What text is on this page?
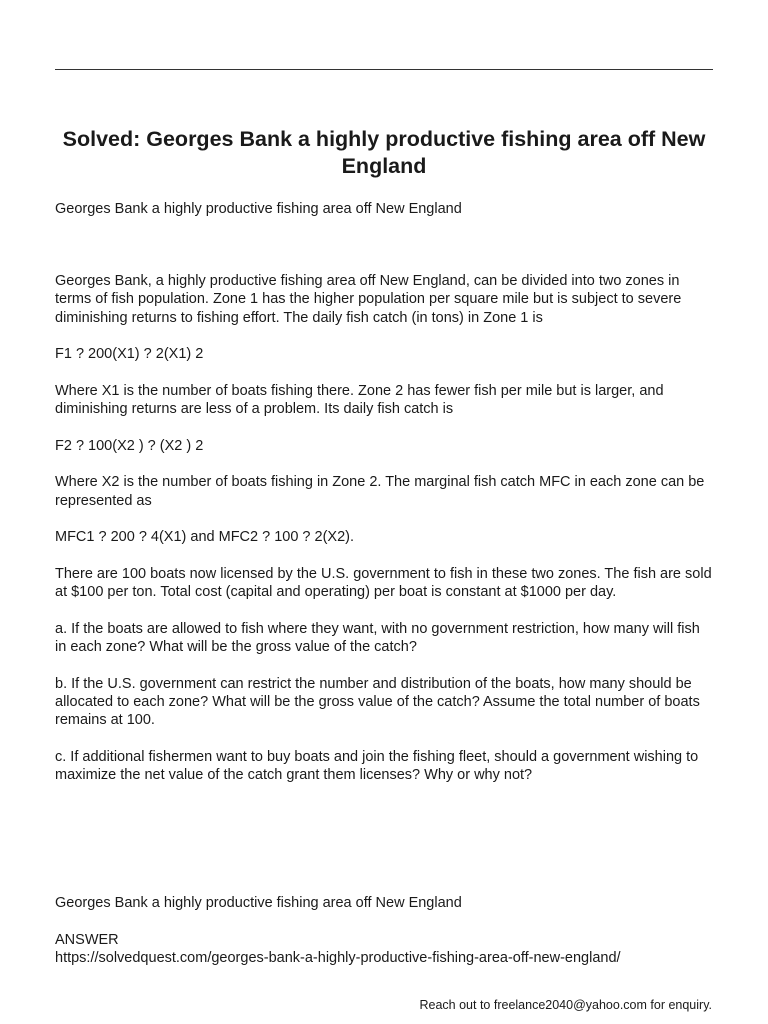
Solved: Georges Bank a highly productive fishing area off New England

Georges Bank a highly productive fishing area off New England

Georges Bank, a highly productive fishing area off New England, can be divided into two zones in terms of fish population. Zone 1 has the higher population per square mile but is subject to severe diminishing returns to fishing effort. The daily fish catch (in tons) in Zone 1 is

F1 ? 200(X1) ? 2(X1) 2

Where X1 is the number of boats fishing there. Zone 2 has fewer fish per mile but is larger, and diminishing returns are less of a problem. Its daily fish catch is

F2 ? 100(X2 ) ? (X2 ) 2

Where X2 is the number of boats fishing in Zone 2. The marginal fish catch MFC in each zone can be represented as

MFC1 ? 200 ? 4(X1) and MFC2 ? 100 ? 2(X2).

There are 100 boats now licensed by the U.S. government to fish in these two zones. The fish are sold at $100 per ton. Total cost (capital and operating) per boat is constant at $1000 per day.

a. If the boats are allowed to fish where they want, with no government restriction, how many will fish in each zone? What will be the gross value of the catch?

b. If the U.S. government can restrict the number and distribution of the boats, how many should be allocated to each zone? What will be the gross value of the catch? Assume the total number of boats remains at 100.

c. If additional fishermen want to buy boats and join the fishing fleet, should a government wishing to maximize the net value of the catch grant them licenses? Why or why not?

Georges Bank a highly productive fishing area off New England

ANSWER

https://solvedquest.com/georges-bank-a-highly-productive-fishing-area-off-new-england/

Reach out to freelance2040@yahoo.com for enquiry.
